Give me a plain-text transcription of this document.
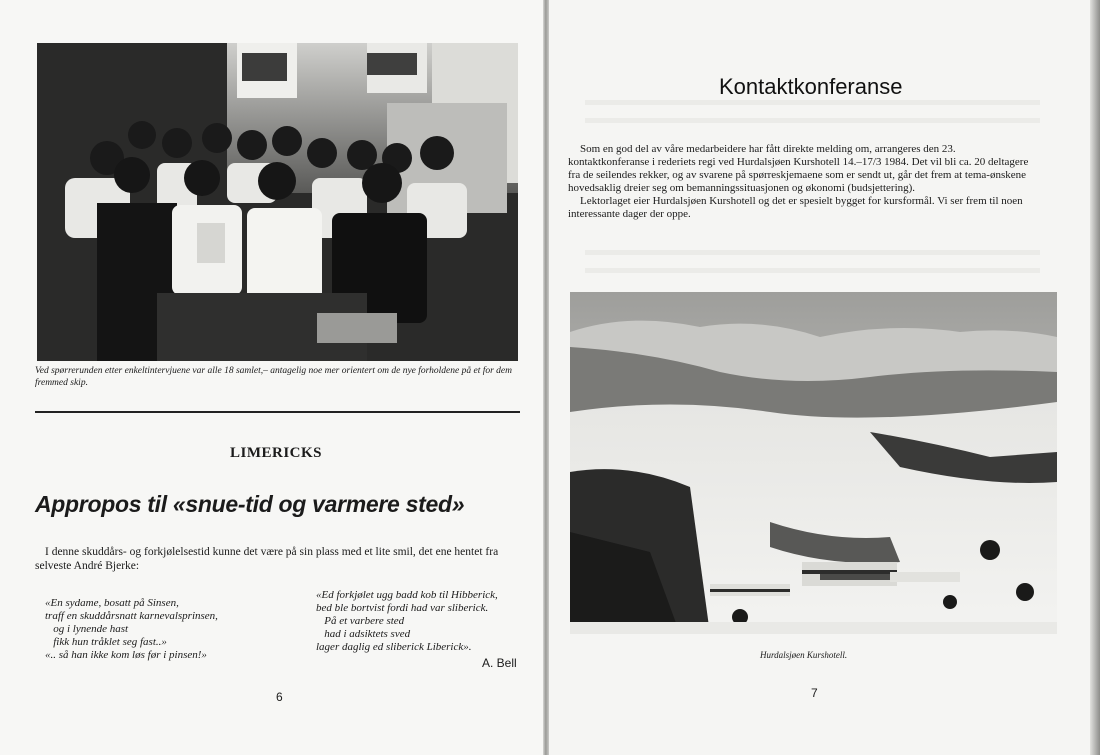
Ved spørrerunden etter enkeltintervjuene var alle 18 samlet,– antagelig noe mer orientert om de nye forholdene på et for dem fremmed skip.
LIMERICKS
Appropos til «snue-tid og varmere sted»
I denne skuddårs- og forkjølelsestid kunne det være på sin plass med et lite smil, det ene hentet fra selveste André Bjerke:
«En sydame, bosatt på Sinsen,
traff en skuddårsnatt karnevalsprinsen,
og i lynende hast
fikk hun tråklet seg fast..»
«.. så han ikke kom løs før i pinsen!»
«Ed forkjølet ugg badd kob til Hibberick,
bed ble bortvist fordi had var sliberick.
På et varbere sted
had i adsiktets sved
lager daglig ed sliberick Liberick».
A. Bell
6

Kontaktkonferanse

Som en god del av våre medarbeidere har fått direkte melding om, arrangeres den 23. kontaktkonferanse i rederiets regi ved Hurdalsjøen Kurshotell 14.–17/3 1984. Det vil bli ca. 20 deltagere fra de seilendes rekker, og av svarene på spørreskjemaene som er sendt ut, går det frem at tema-ønskene hovedsaklig dreier seg om bemanningssituasjonen og økonomi (budsjettering).

Lektorlaget eier Hurdalsjøen Kurshotell og det er spesielt bygget for kursformål. Vi ser frem til noen interessante dager der oppe.

Hurdalsjøen Kurshotell.
7
